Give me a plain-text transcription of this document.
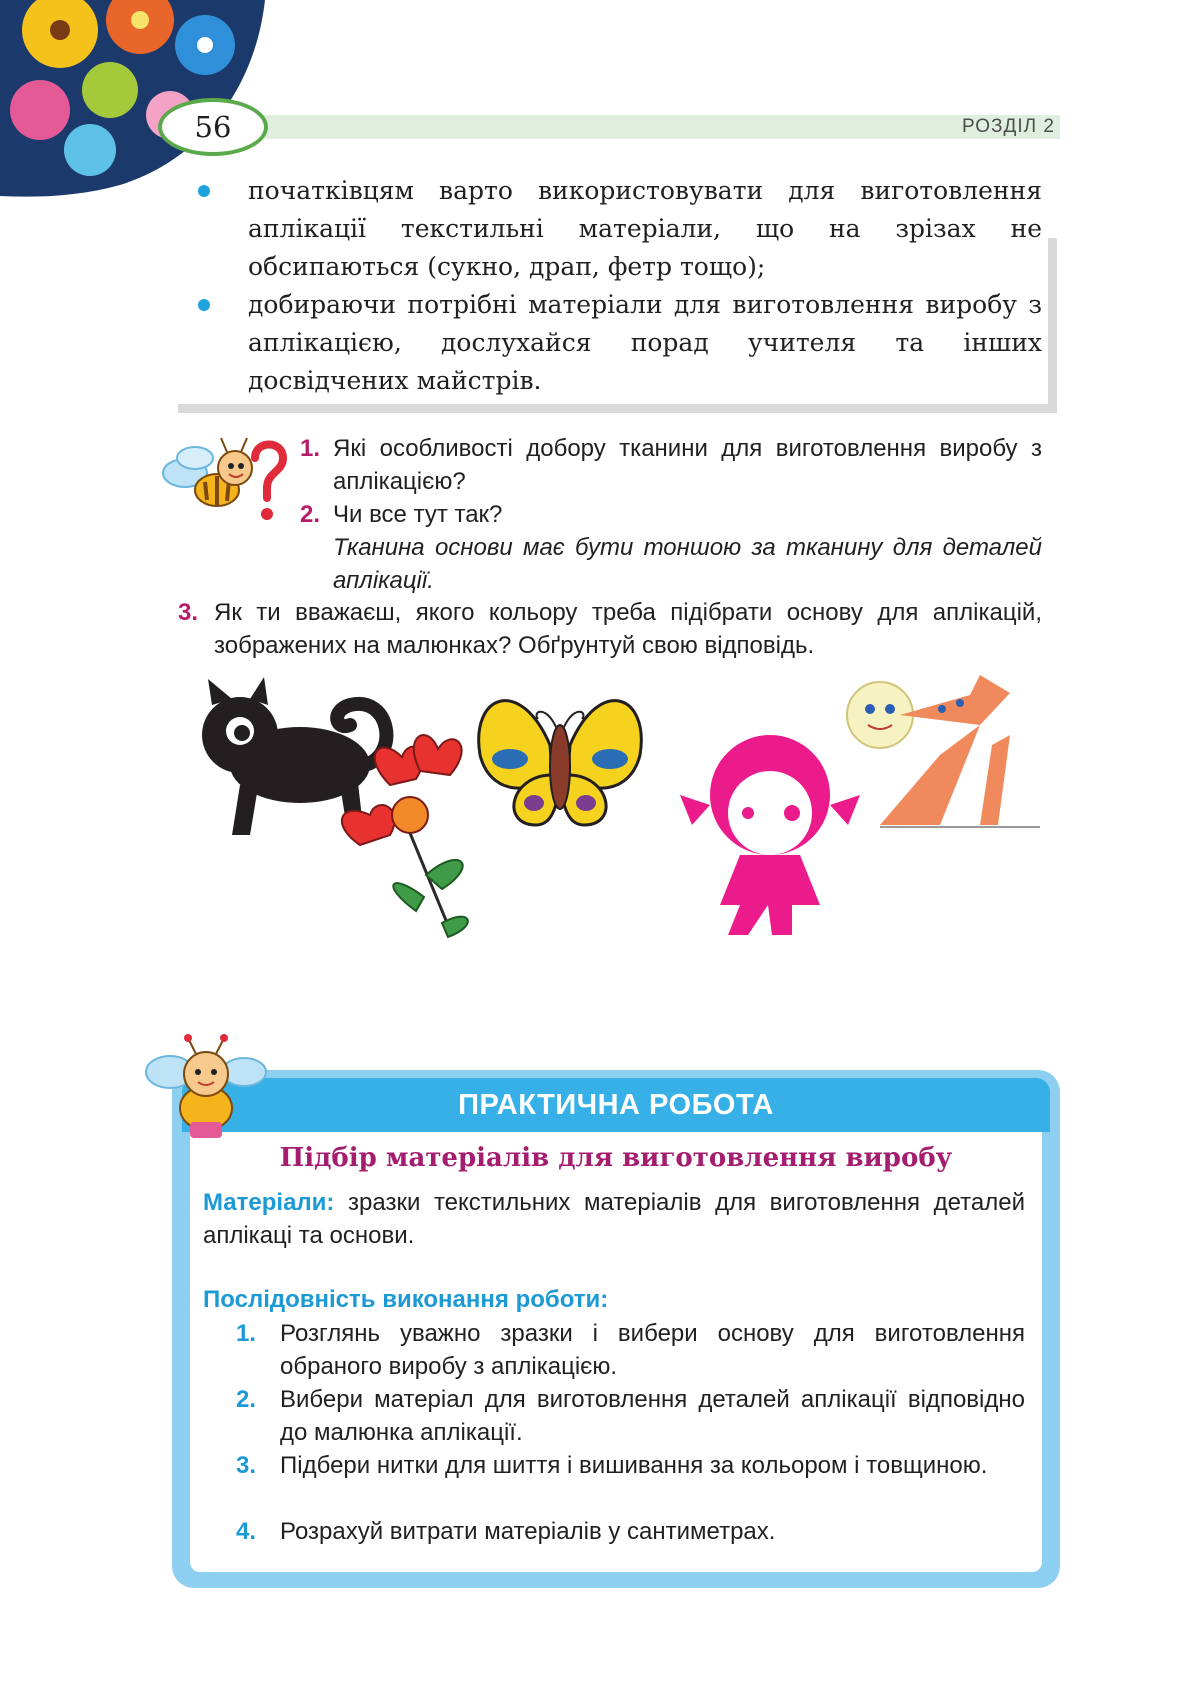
РОЗДІЛ 2
56
початківцям варто використовувати для виготовлення аплікації текстильні матеріали, що на зрізах не обсипаються (сукно, драп, фетр тощо);
добираючи потрібні матеріали для виготовлення виробу з аплікацією, дослухайся порад учителя та інших досвідчених майстрів.
1. Які особливості добору тканини для виготовлення виробу з аплікацією?
2. Чи все тут так?
Тканина основи має бути тоншою за тканину для деталей аплікації.
3. Як ти вважаєш, якого кольору треба підібрати основу для аплікацій, зображених на малюнках? Обґрунтуй свою відповідь.
ПРАКТИЧНА РОБОТА
Підбір матеріалів для виготовлення виробу
Матеріали: зразки текстильних матеріалів для виготовлення деталей аплікаці та основи.
Послідовність виконання роботи:
1. Розглянь уважно зразки і вибери основу для виготовлення обраного виробу з аплікацією.
2. Вибери матеріал для виготовлення деталей аплікації відповідно до малюнка аплікації.
3. Підбери нитки для шиття і вишивання за кольором і товщиною.
4. Розрахуй витрати матеріалів у сантиметрах.
